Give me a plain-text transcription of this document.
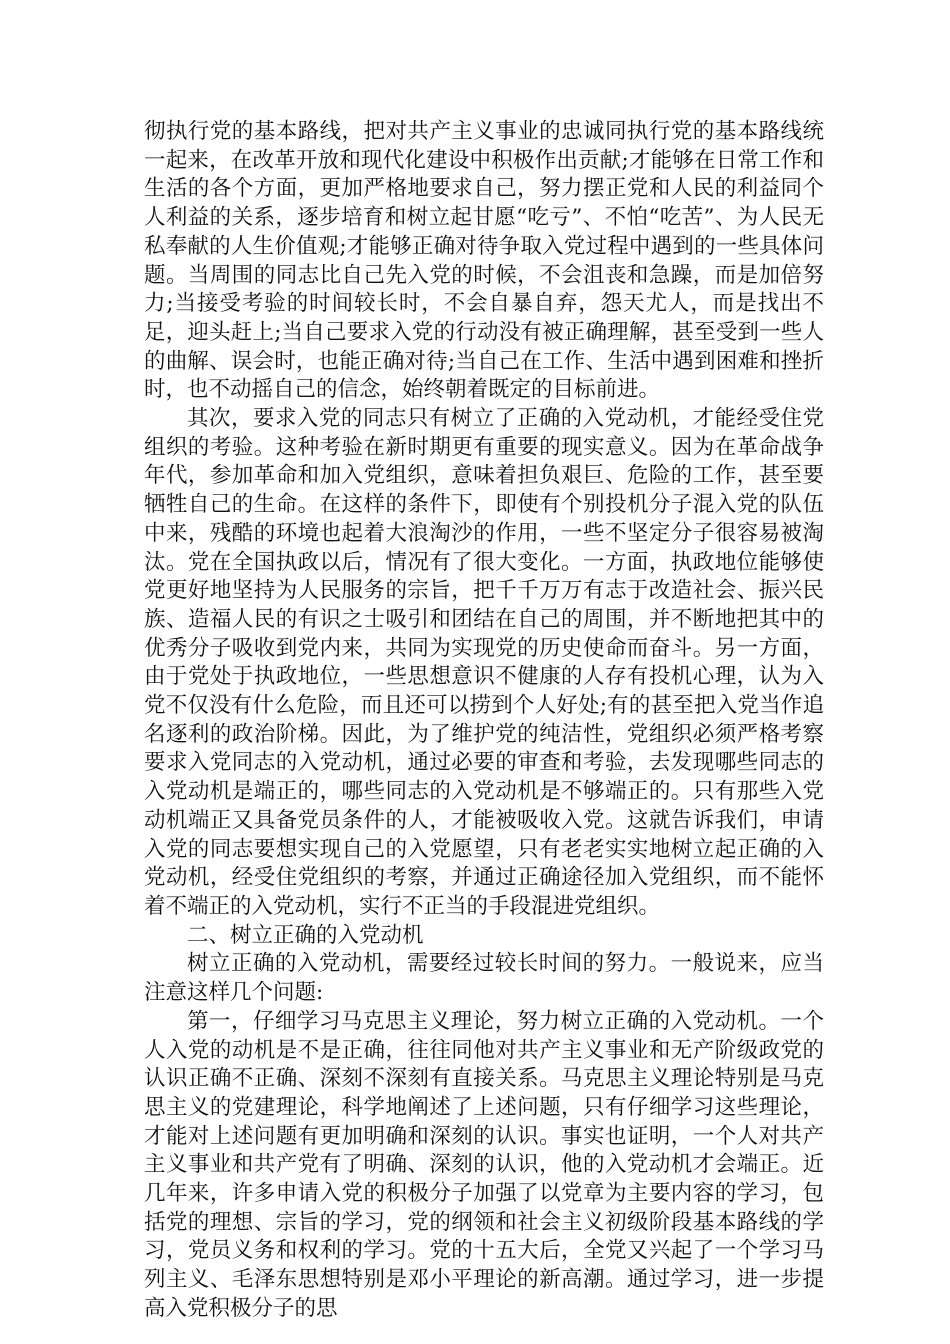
彻执行党的基本路线，把对共产主义事业的忠诚同执行党的基本路线统一起来，在改革开放和现代化建设中积极作出贡献;才能够在日常工作和生活的各个方面，更加严格地要求自己，努力摆正党和人民的利益同个人利益的关系，逐步培育和树立起甘愿“吃亏”、不怕“吃苦”、为人民无私奉献的人生价值观;才能够正确对待争取入党过程中遇到的一些具体问题。当周围的同志比自己先入党的时候，不会沮丧和急躁，而是加倍努力;当接受考验的时间较长时，不会自暴自弃，怨天尤人，而是找出不足，迎头赶上;当自己要求入党的行动没有被正确理解，甚至受到一些人的曲解、误会时，也能正确对待;当自己在工作、生活中遇到困难和挫折时，也不动摇自己的信念，始终朝着既定的目标前进。

其次，要求入党的同志只有树立了正确的入党动机，才能经受住党组织的考验。这种考验在新时期更有重要的现实意义。因为在革命战争年代，参加革命和加入党组织，意味着担负艰巨、危险的工作，甚至要牺牲自己的生命。在这样的条件下，即使有个别投机分子混入党的队伍中来，残酷的环境也起着大浪淘沙的作用，一些不坚定分子很容易被淘汰。党在全国执政以后，情况有了很大变化。一方面，执政地位能够使党更好地坚持为人民服务的宗旨，把千千万万有志于改造社会、振兴民族、造福人民的有识之士吸引和团结在自己的周围，并不断地把其中的优秀分子吸收到党内来，共同为实现党的历史使命而奋斗。另一方面，由于党处于执政地位，一些思想意识不健康的人存有投机心理，认为入党不仅没有什么危险，而且还可以捞到个人好处;有的甚至把入党当作追名逐利的政治阶梯。因此，为了维护党的纯洁性，党组织必须严格考察要求入党同志的入党动机，通过必要的审查和考验，去发现哪些同志的入党动机是端正的，哪些同志的入党动机是不够端正的。只有那些入党动机端正又具备党员条件的人，才能被吸收入党。这就告诉我们，申请入党的同志要想实现自己的入党愿望，只有老老实实地树立起正确的入党动机，经受住党组织的考察，并通过正确途径加入党组织，而不能怀着不端正的入党动机，实行不正当的手段混进党组织。

二、树立正确的入党动机

树立正确的入党动机，需要经过较长时间的努力。一般说来，应当注意这样几个问题:

第一，仔细学习马克思主义理论，努力树立正确的入党动机。一个人入党的动机是不是正确，往往同他对共产主义事业和无产阶级政党的认识正确不正确、深刻不深刻有直接关系。马克思主义理论特别是马克思主义的党建理论，科学地阐述了上述问题，只有仔细学习这些理论，才能对上述问题有更加明确和深刻的认识。事实也证明，一个人对共产主义事业和共产党有了明确、深刻的认识，他的入党动机才会端正。近几年来，许多申请入党的积极分子加强了以党章为主要内容的学习，包括党的理想、宗旨的学习，党的纲领和社会主义初级阶段基本路线的学习，党员义务和权利的学习。党的十五大后，全党又兴起了一个学习马列主义、毛泽东思想特别是邓小平理论的新高潮。通过学习，进一步提高入党积极分子的思
